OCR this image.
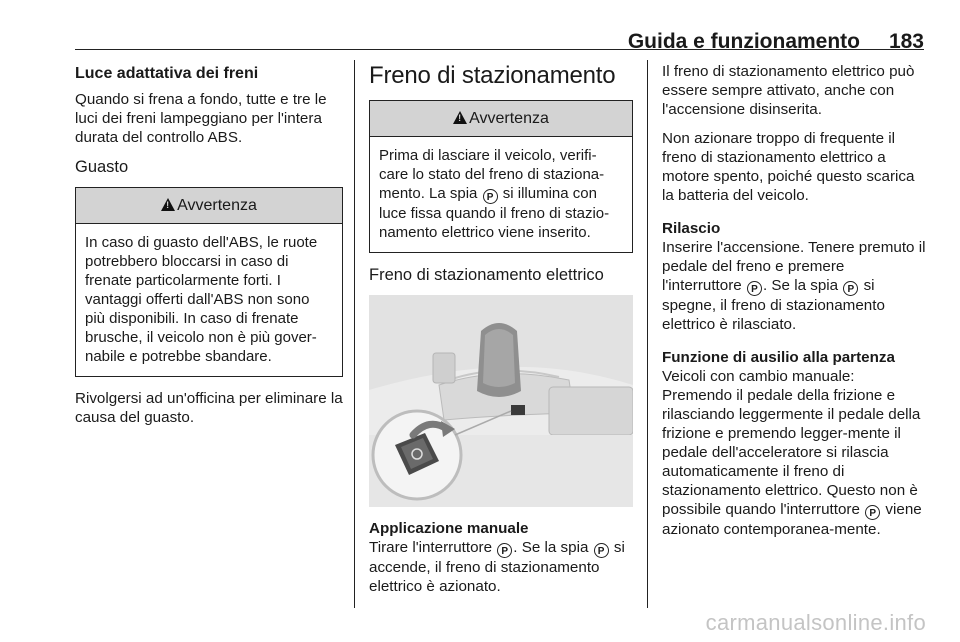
Guida e funzionamento 183
Luce adattativa dei freni

Quando si frena a fondo, tutte e tre le luci dei freni lampeggiano per l'intera durata del controllo ABS.

Guasto
!Avvertenza
In caso di guasto dell'ABS, le ruote potrebbero bloccarsi in caso di frenate particolarmente forti. I vantaggi offerti dall'ABS non sono più disponibili. In caso di frenate brusche, il veicolo non è più gover-nabile e potrebbe sbandare.

Rivolgersi ad un'officina per eliminare la causa del guasto.

Freno di stazionamento
!Avvertenza
Prima di lasciare il veicolo, verifi-care lo stato del freno di staziona-mento. La spia P si illumina con luce fissa quando il freno di stazio-namento elettrico viene inserito.
Freno di stazionamento elettrico
Applicazione manuale

Tirare l'interruttore P . Se la spia P si accende, il freno di stazionamento elettrico è azionato.

Il freno di stazionamento elettrico può essere sempre attivato, anche con l'accensione disinserita.

Non azionare troppo di frequente il freno di stazionamento elettrico a motore spento, poiché questo scarica la batteria del veicolo.

Rilascio

Inserire l'accensione. Tenere premuto il pedale del freno e premere l'interruttore P . Se la spia P si spegne, il freno di stazionamento elettrico è rilasciato.

Funzione di ausilio alla partenza

Veicoli con cambio manuale: Premendo il pedale della frizione e rilasciando leggermente il pedale della frizione e premendo legger-mente il pedale dell'acceleratore si rilascia automaticamente il freno di stazionamento elettrico. Questo non è possibile quando l'interruttore P viene azionato contemporanea-mente.

carmanualsonline.info
